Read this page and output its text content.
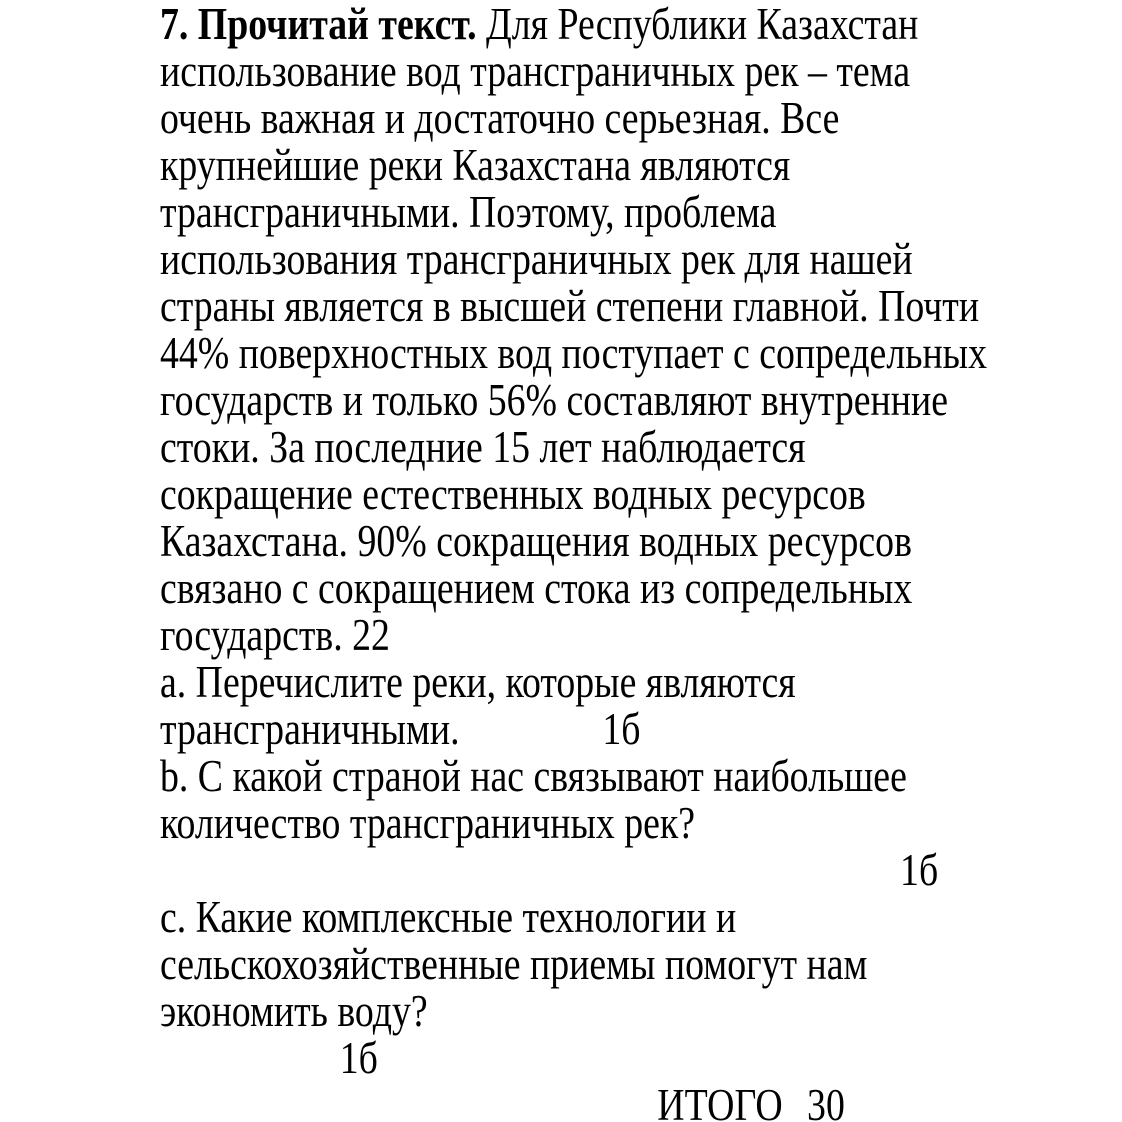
7. Прочитай текст. Для Республики Казахстан
использование вод трансграничных рек – тема
очень важная и достаточно серьезная. Все
крупнейшие реки Казахстана являются
трансграничными. Поэтому, проблема
использования трансграничных рек для нашей
страны является в высшей степени главной. Почти
44% поверхностных вод поступает с сопредельных
государств и только 56% составляют внутренние
стоки. За последние 15 лет наблюдается
сокращение естественных водных ресурсов
Казахстана. 90% сокращения водных ресурсов
связано с сокращением стока из сопредельных
государств. 22
a. Перечислите реки, которые являются
трансграничными.	1б
b. С какой страной нас связывают наибольшее
количество трансграничных рек?
1б
c. Какие комплексные технологии и
сельскохозяйственные приемы помогут нам
экономить воду?
1б
ИТОГО 30
